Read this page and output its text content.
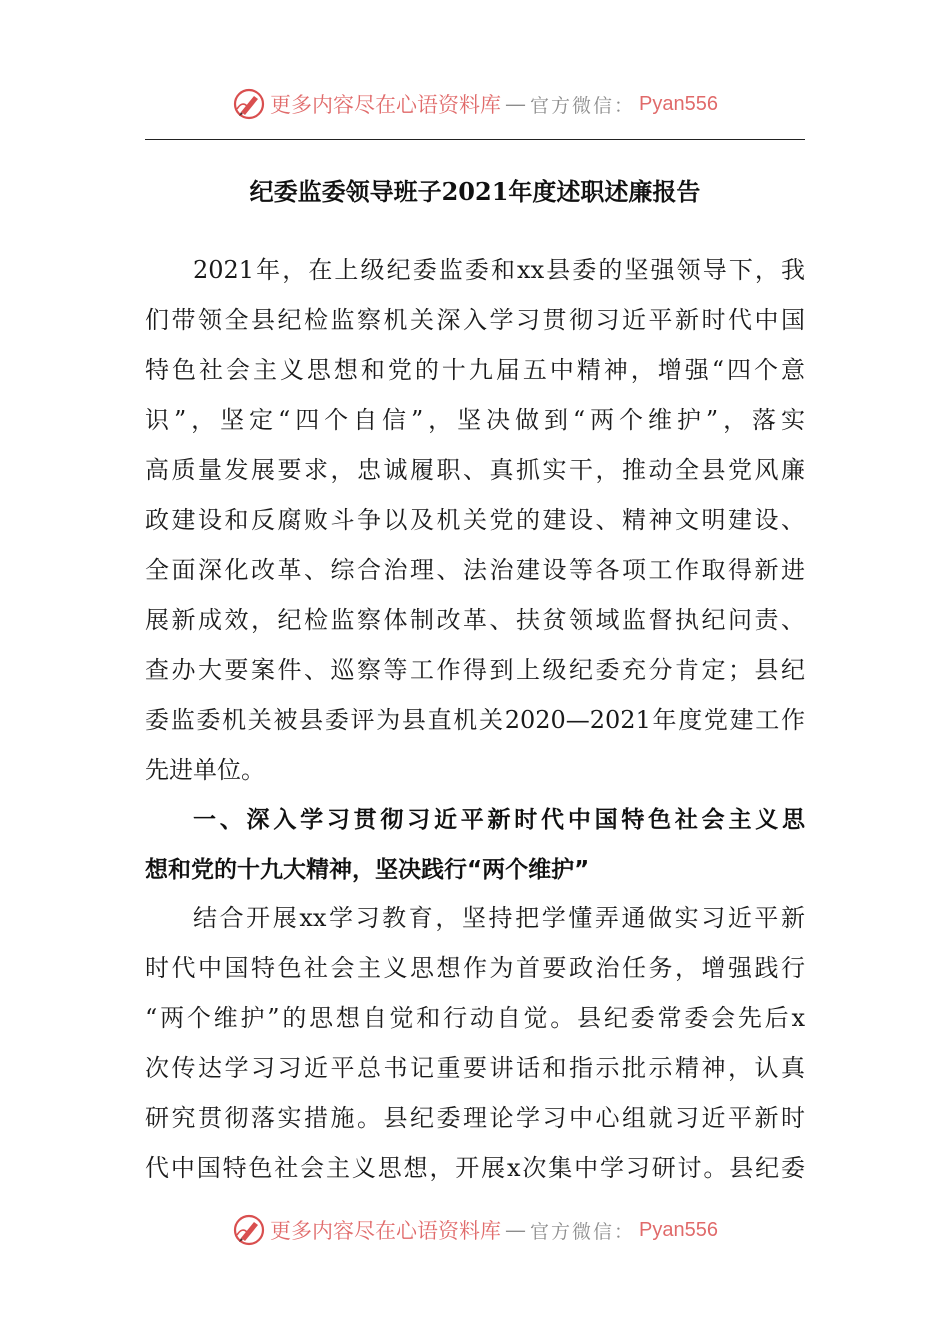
更多内容尽在心语资料库 — 官方微信： Pyan556
纪委监委领导班子2021年度述职述廉报告
2021年，在上级纪委监委和xx县委的坚强领导下，我
们带领全县纪检监察机关深入学习贯彻习近平新时代中国
特色社会主义思想和党的十九届五中精神，增强“四个意
识”，坚定“四个自信”，坚决做到“两个维护”，落实
高质量发展要求，忠诚履职、真抓实干，推动全县党风廉
政建设和反腐败斗争以及机关党的建设、精神文明建设、
全面深化改革、综合治理、法治建设等各项工作取得新进
展新成效，纪检监察体制改革、扶贫领域监督执纪问责、
查办大要案件、巡察等工作得到上级纪委充分肯定；县纪
委监委机关被县委评为县直机关2020—2021年度党建工作
先进单位。
一、深入学习贯彻习近平新时代中国特色社会主义思
想和党的十九大精神，坚决践行“两个维护”
结合开展xx学习教育，坚持把学懂弄通做实习近平新
时代中国特色社会主义思想作为首要政治任务，增强践行
“两个维护”的思想自觉和行动自觉。县纪委常委会先后x
次传达学习习近平总书记重要讲话和指示批示精神，认真
研究贯彻落实措施。县纪委理论学习中心组就习近平新时
代中国特色社会主义思想，开展x次集中学习研讨。县纪委
更多内容尽在心语资料库 — 官方微信： Pyan556
